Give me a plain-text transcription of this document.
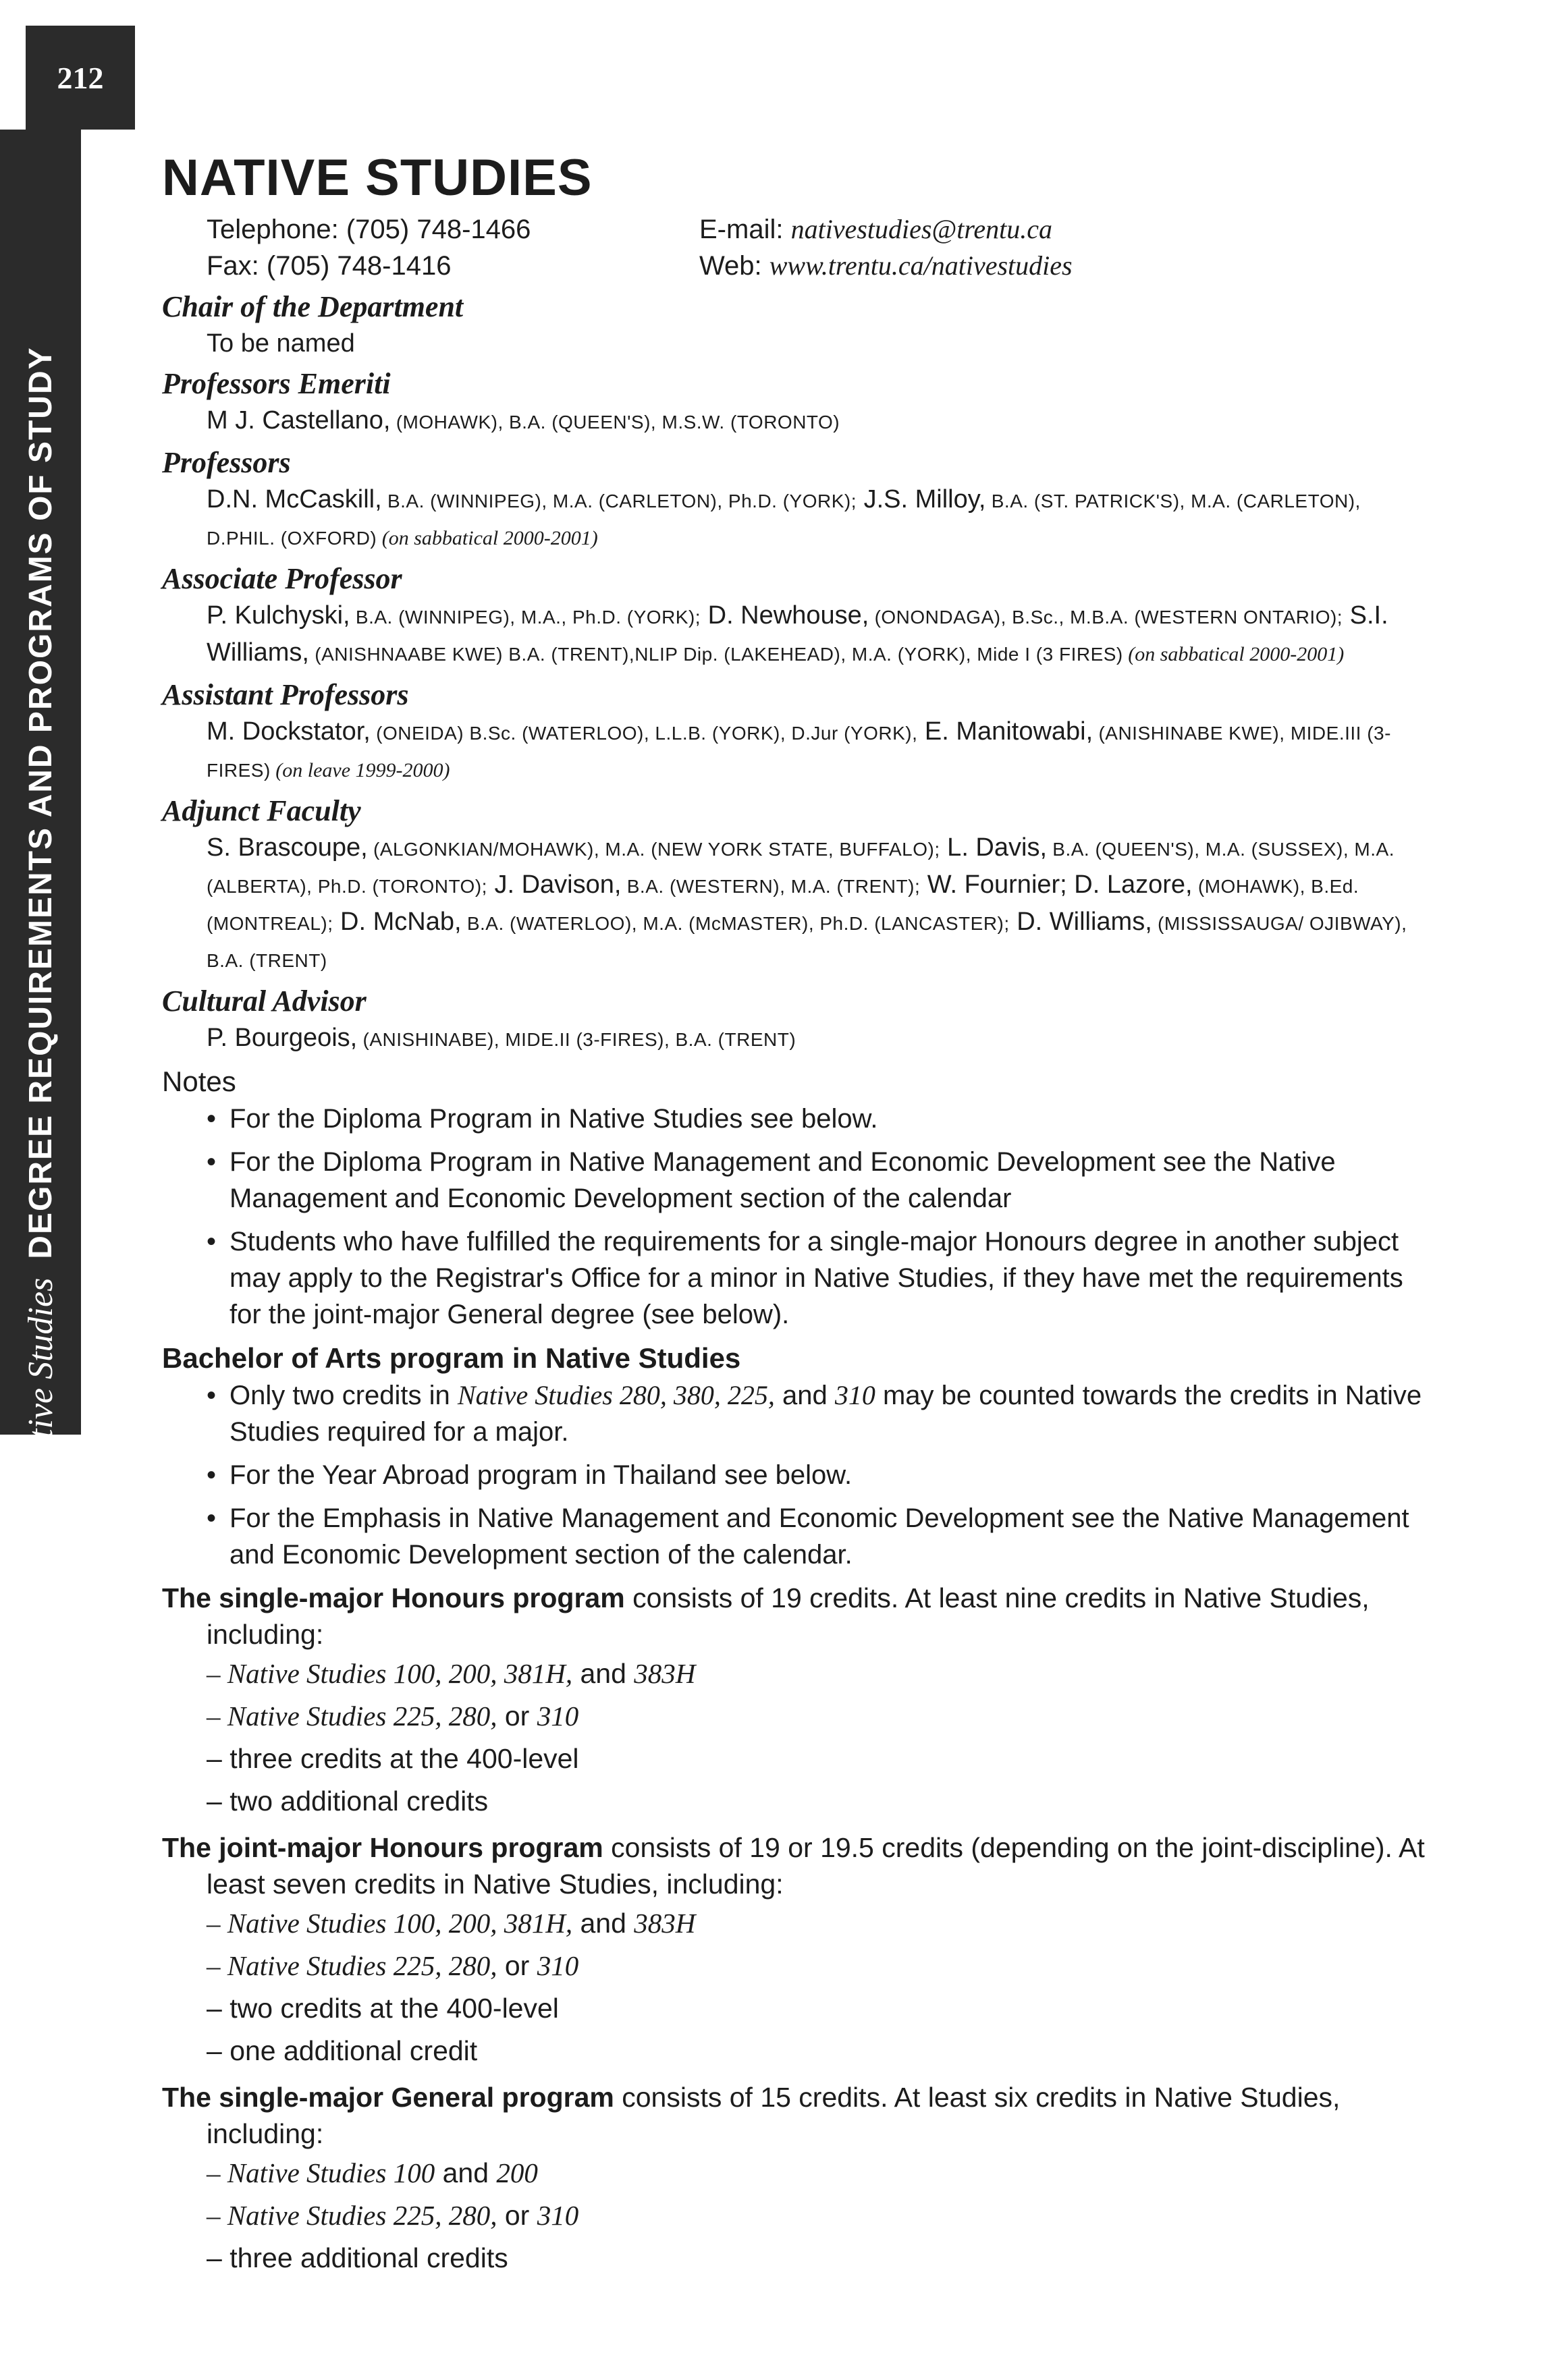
212
Native Studies
DEGREE REQUIREMENTS AND PROGRAMS OF STUDY
NATIVE STUDIES
Telephone: (705) 748-1466
Fax: (705) 748-1416
E-mail: nativestudies@trentu.ca
Web: www.trentu.ca/nativestudies
Chair of the Department
To be named
Professors Emeriti
M J. Castellano, (MOHAWK), B.A. (QUEEN'S), M.S.W. (TORONTO)
Professors
D.N. McCaskill, B.A. (WINNIPEG), M.A. (CARLETON), Ph.D. (YORK); J.S. Milloy, B.A. (ST. PATRICK'S), M.A. (CARLETON), D.PHIL. (OXFORD) (on sabbatical 2000-2001)
Associate Professor
P. Kulchyski, B.A. (WINNIPEG), M.A., Ph.D. (YORK); D. Newhouse, (ONONDAGA), B.Sc., M.B.A. (WESTERN ONTARIO); S.I. Williams, (ANISHNAABE KWE) B.A. (TRENT),NLIP Dip. (LAKEHEAD), M.A. (YORK), Mide I (3 FIRES) (on sabbatical 2000-2001)
Assistant Professors
M. Dockstator, (ONEIDA) B.Sc. (WATERLOO), L.L.B. (YORK), D.Jur (YORK), E. Manitowabi, (ANISHINABE KWE), MIDE.III (3-FIRES) (on leave 1999-2000)
Adjunct Faculty
S. Brascoupe, (ALGONKIAN/MOHAWK), M.A. (NEW YORK STATE, BUFFALO); L. Davis, B.A. (QUEEN'S), M.A. (SUSSEX), M.A. (ALBERTA), Ph.D. (TORONTO); J. Davison, B.A. (WESTERN), M.A. (TRENT); W. Fournier; D. Lazore, (MOHAWK), B.Ed. (MONTREAL); D. McNab, B.A. (WATERLOO), M.A. (McMASTER), Ph.D. (LANCASTER); D. Williams, (MISSISSAUGA/ OJIBWAY), B.A. (TRENT)
Cultural Advisor
P. Bourgeois, (ANISHINABE), MIDE.II (3-FIRES), B.A. (TRENT)
Notes
• For the Diploma Program in Native Studies see below.
• For the Diploma Program in Native Management and Economic Development see the Native Management and Economic Development section of the calendar
• Students who have fulfilled the requirements for a single-major Honours degree in another subject may apply to the Registrar's Office for a minor in Native Studies, if they have met the requirements for the joint-major General degree (see below).
Bachelor of Arts program in Native Studies
• Only two credits in Native Studies 280, 380, 225, and 310 may be counted towards the credits in Native Studies required for a major.
• For the Year Abroad program in Thailand see below.
• For the Emphasis in Native Management and Economic Development see the Native Management and Economic Development section of the calendar.

The single-major Honours program consists of 19 credits. At least nine credits in Native Studies, including:

– Native Studies 100, 200, 381H, and 383H
– Native Studies 225, 280, or 310
– three credits at the 400-level
– two additional credits

The joint-major Honours program consists of 19 or 19.5 credits (depending on the joint-discipline). At least seven credits in Native Studies, including:

– Native Studies 100, 200, 381H, and 383H
– Native Studies 225, 280, or 310
– two credits at the 400-level
– one additional credit

The single-major General program consists of 15 credits. At least six credits in Native Studies, including:

– Native Studies 100 and 200
– Native Studies 225, 280, or 310
– three additional credits
